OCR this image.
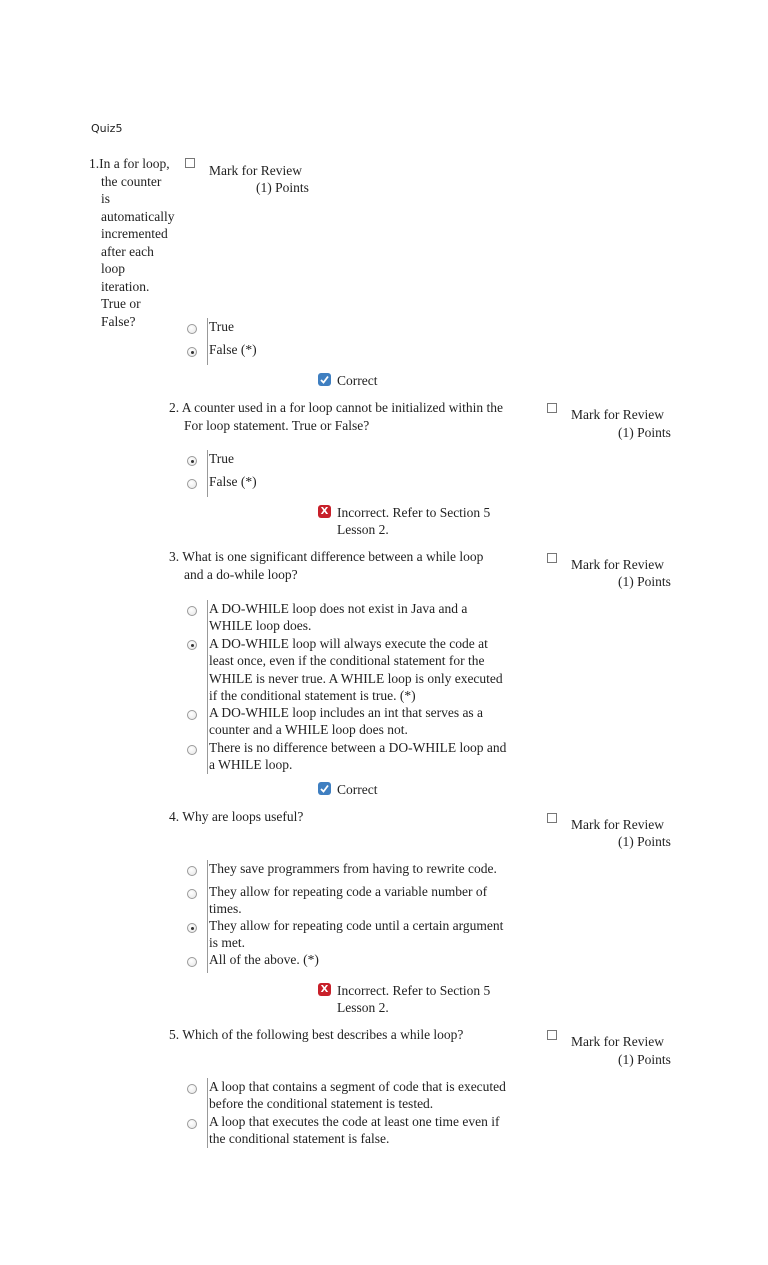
Quiz5
1.In a for loop,
the counter is
automatically
incremented
after each
loop
iteration.
True or
False?
Mark for Review
(1) Points
True
False (*)
Correct
2. A counter used in a for loop cannot be initialized within the
For loop statement. True or False?
Mark for Review
(1) Points
True
False (*)
X Incorrect. Refer to Section 5
Lesson 2.
3. What is one significant difference between a while loop
and a do-while loop?
Mark for Review
(1) Points
A DO-WHILE loop does not exist in Java and a
WHILE loop does.
A DO-WHILE loop will always execute the code at
least once, even if the conditional statement for the
WHILE is never true. A WHILE loop is only executed
if the conditional statement is true. (*)
A DO-WHILE loop includes an int that serves as a
counter and a WHILE loop does not.
There is no difference between a DO-WHILE loop and
a WHILE loop.
Correct
4. Why are loops useful?
Mark for Review
(1) Points
They save programmers from having to rewrite code.
They allow for repeating code a variable number of
times.
They allow for repeating code until a certain argument
is met.
All of the above. (*)
X Incorrect. Refer to Section 5
Lesson 2.
5. Which of the following best describes a while loop?	Mark for Review
(1) Points
A loop that contains a segment of code that is executed
before the conditional statement is tested.
A loop that executes the code at least one time even if
the conditional statement is false.
